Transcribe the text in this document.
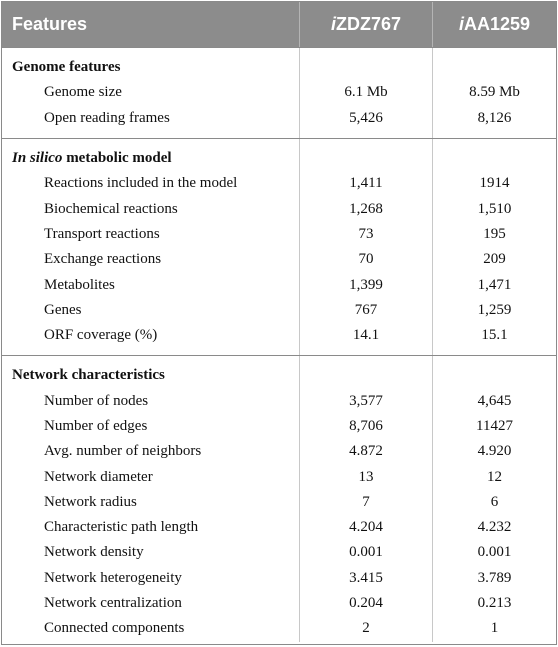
Features	iZDZ767	iAA1259
Genome features
Genome size	6.1 Mb	8.59 Mb
Open reading frames	5,426	8,126
In silico metabolic model
Reactions included in the model	1,411	1914
Biochemical reactions	1,268	1,510
Transport reactions	73	195
Exchange reactions	70	209
Metabolites	1,399	1,471
Genes	767	1,259
ORF coverage (%)	14.1	15.1
Network characteristics
Number of nodes	3,577	4,645
Number of edges	8,706	11427
Avg. number of neighbors	4.872	4.920
Network diameter	13	12
Network radius	7	6
Characteristic path length	4.204	4.232
Network density	0.001	0.001
Network heterogeneity	3.415	3.789
Network centralization	0.204	0.213
Connected components	2	1
